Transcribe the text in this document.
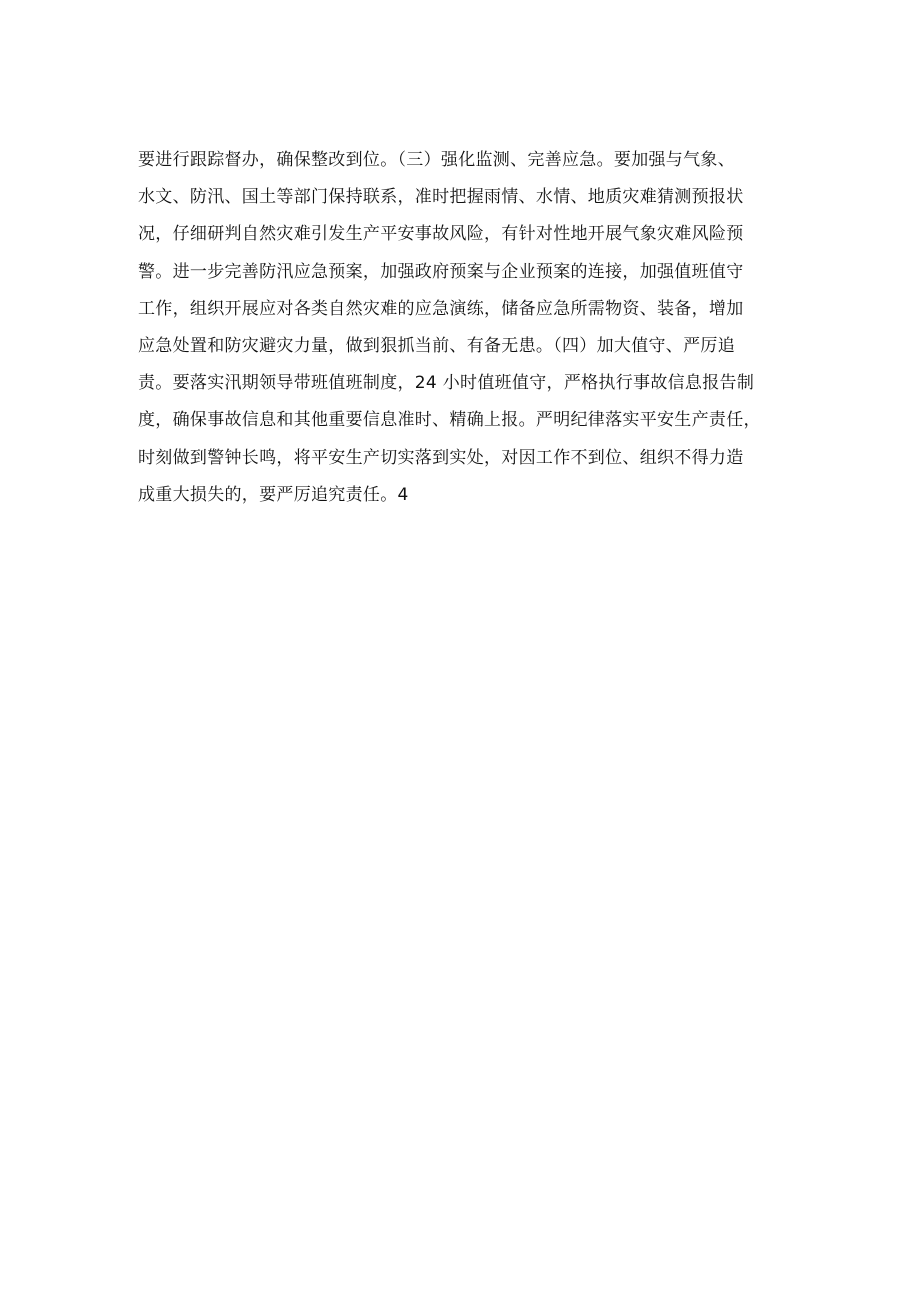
要进行跟踪督办，确保整改到位。（三）强化监测、完善应急。要加强与气象、
水文、防汛、国土等部门保持联系，准时把握雨情、水情、地质灾难猜测预报状
况，仔细研判自然灾难引发生产平安事故风险，有针对性地开展气象灾难风险预
警。进一步完善防汛应急预案，加强政府预案与企业预案的连接，加强值班值守
工作，组织开展应对各类自然灾难的应急演练，储备应急所需物资、装备，增加
应急处置和防灾避灾力量，做到狠抓当前、有备无患。（四）加大值守、严厉追
责。要落实汛期领导带班值班制度，24 小时值班值守，严格执行事故信息报告制
度，确保事故信息和其他重要信息准时、精确上报。严明纪律落实平安生产责任，
时刻做到警钟长鸣，将平安生产切实落到实处，对因工作不到位、组织不得力造
成重大损失的，要严厉追究责任。4
